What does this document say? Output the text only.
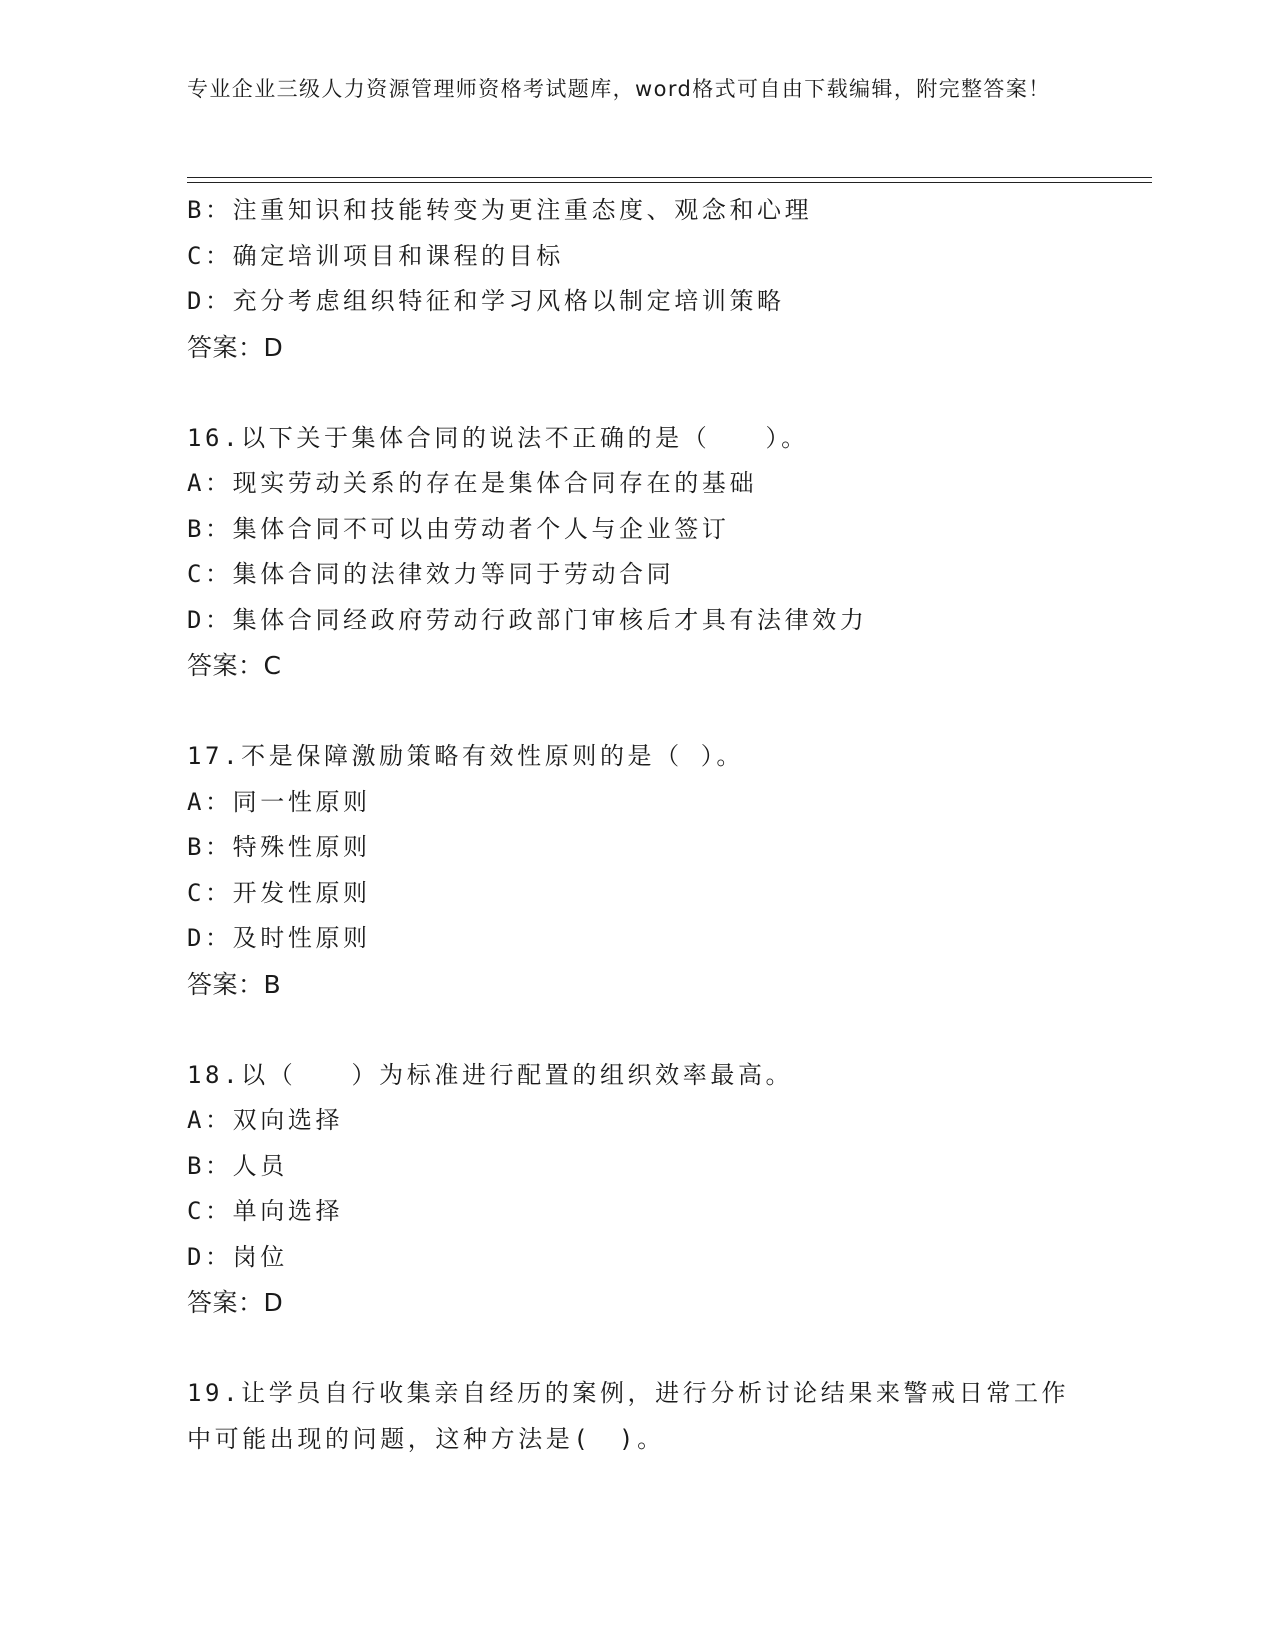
专业企业三级人力资源管理师资格考试题库，word格式可自由下载编辑，附完整答案！
B：注重知识和技能转变为更注重态度、观念和心理
C：确定培训项目和课程的目标
D：充分考虑组织特征和学习风格以制定培训策略
答案：D
16.以下关于集体合同的说法不正确的是（　　）。
A：现实劳动关系的存在是集体合同存在的基础
B：集体合同不可以由劳动者个人与企业签订
C：集体合同的法律效力等同于劳动合同
D：集体合同经政府劳动行政部门审核后才具有法律效力
答案：C
17.不是保障激励策略有效性原则的是（ ）。
A：同一性原则
B：特殊性原则
C：开发性原则
D：及时性原则
答案：B
18.以（　　）为标准进行配置的组织效率最高。
A：双向选择
B：人员
C：单向选择
D：岗位
答案：D
19.让学员自行收集亲自经历的案例，进行分析讨论结果来警戒日常工作中可能出现的问题，这种方法是(　)。
